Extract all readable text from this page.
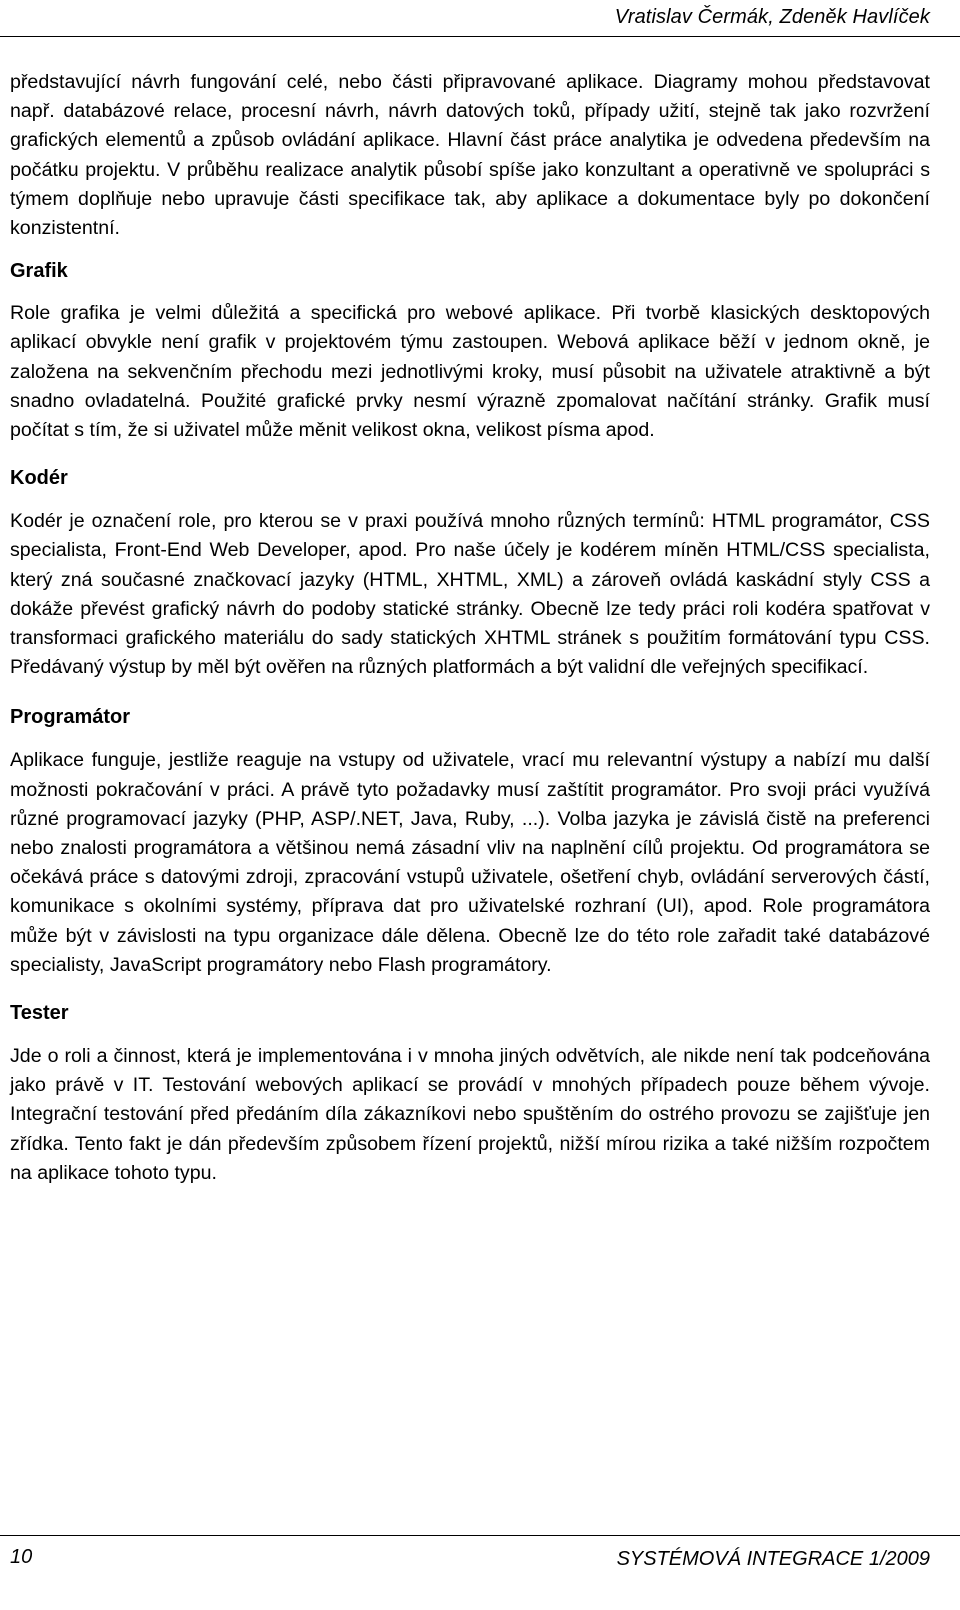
Vratislav Čermák, Zdeněk Havlíček

představující návrh fungování celé, nebo části připravované aplikace. Diagramy mohou představovat např. databázové relace, procesní návrh, návrh datových toků, případy užití, stejně tak jako rozvržení grafických elementů a způsob ovládání aplikace. Hlavní část práce analytika je odvedena především na počátku projektu. V průběhu realizace analytik působí spíše jako konzultant a operativně ve spolupráci s týmem doplňuje nebo upravuje části specifikace tak, aby aplikace a dokumentace byly po dokončení konzistentní.

Grafik

Role grafika je velmi důležitá a specifická pro webové aplikace. Při tvorbě klasických desktopových aplikací obvykle není grafik v projektovém týmu zastoupen. Webová aplikace běží v jednom okně, je založena na sekvenčním přechodu mezi jednotlivými kroky, musí působit na uživatele atraktivně a být snadno ovladatelná. Použité grafické prvky nesmí výrazně zpomalovat načítání stránky. Grafik musí počítat s tím, že si uživatel může měnit velikost okna, velikost písma apod.

Kodér

Kodér je označení role, pro kterou se v praxi používá mnoho různých termínů: HTML programátor, CSS specialista, Front-End Web Developer, apod. Pro naše účely je kodérem míněn HTML/CSS specialista, který zná současné značkovací jazyky (HTML, XHTML, XML) a zároveň ovládá kaskádní styly CSS a dokáže převést grafický návrh do podoby statické stránky. Obecně lze tedy práci roli kodéra spatřovat v transformaci grafického materiálu do sady statických XHTML stránek s použitím formátování typu CSS. Předávaný výstup by měl být ověřen na různých platformách a být validní dle veřejných specifikací.

Programátor

Aplikace funguje, jestliže reaguje na vstupy od uživatele, vrací mu relevantní výstupy a nabízí mu další možnosti pokračování v práci. A právě tyto požadavky musí zaštítit programátor. Pro svoji práci využívá různé programovací jazyky (PHP, ASP/.NET, Java, Ruby, ...). Volba jazyka je závislá čistě na preferenci nebo znalosti programátora a většinou nemá zásadní vliv na naplnění cílů projektu. Od programátora se očekává práce s datovými zdroji, zpracování vstupů uživatele, ošetření chyb, ovládání serverových částí, komunikace s okolními systémy, příprava dat pro uživatelské rozhraní (UI), apod. Role programátora může být v závislosti na typu organizace dále dělena. Obecně lze do této role zařadit také databázové specialisty, JavaScript programátory nebo Flash programátory.

Tester

Jde o roli a činnost, která je implementována i v mnoha jiných odvětvích, ale nikde není tak podceňována jako právě v IT. Testování webových aplikací se provádí v mnohých případech pouze během vývoje. Integrační testování před předáním díla zákazníkovi nebo spuštěním do ostrého provozu se zajišťuje jen zřídka. Tento fakt je dán především způsobem řízení projektů, nižší mírou rizika a také nižším rozpočtem na aplikace tohoto typu.

10	SYSTÉMOVÁ INTEGRACE 1/2009
